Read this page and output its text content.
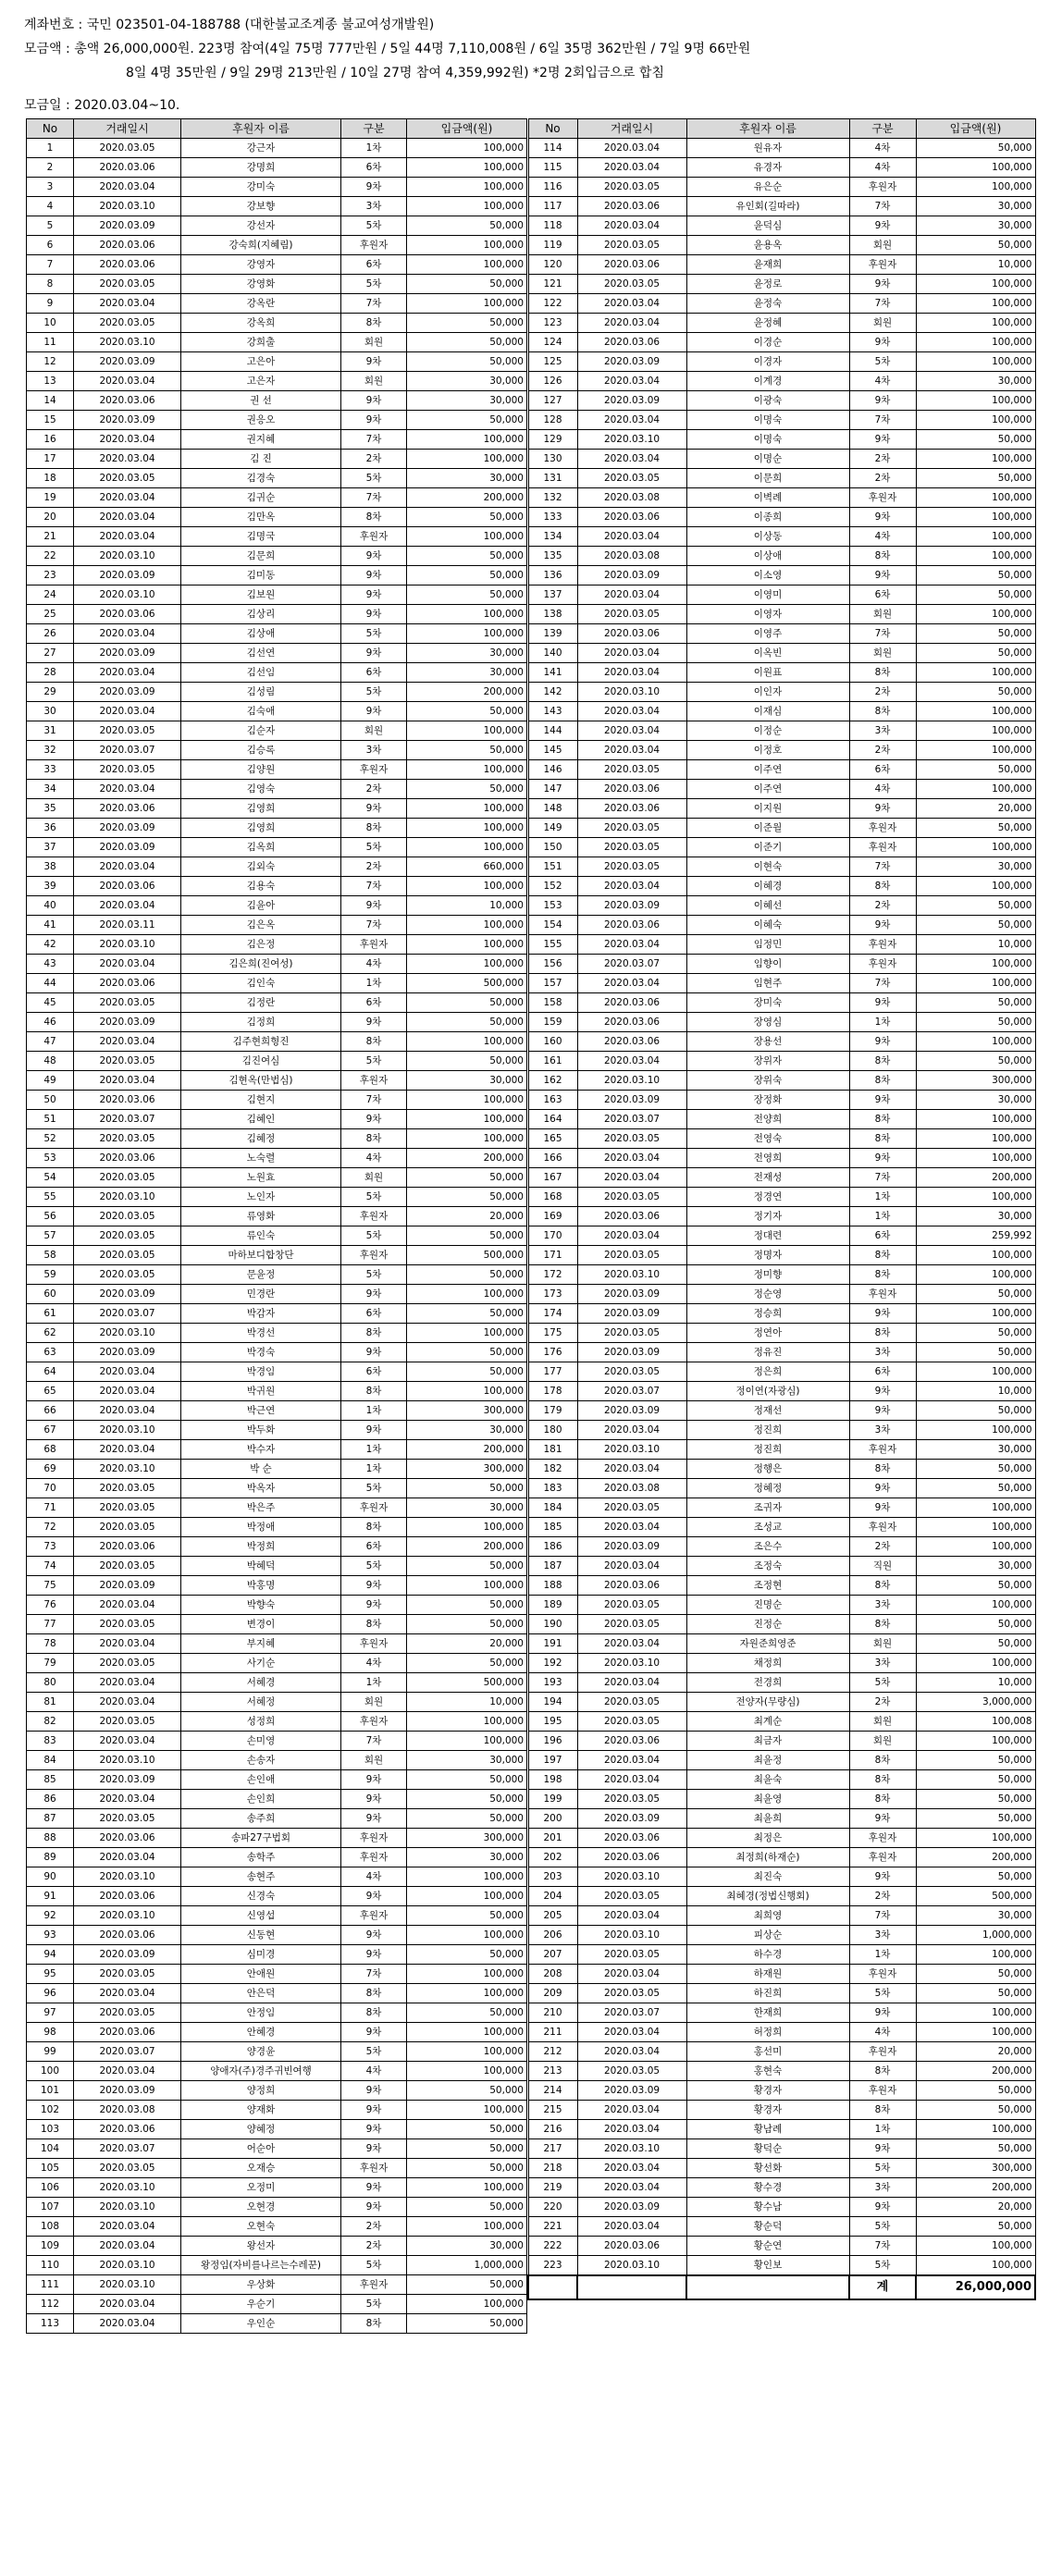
계좌번호 : 국민 023501-04-188788 (대한불교조계종 불교여성개발원)
모금액 : 총액 26,000,000원. 223명 참여(4일 75명 777만원 / 5일 44명 7,110,008원 / 6일 35명 362만원 / 7일 9명 66만원
8일 4명 35만원 / 9일 29명 213만원 / 10일 27명 참여 4,359,992원) *2명 2회입금으로 합침
모금일 : 2020.03.04~10.
No	거래일시	후원자 이름	구분	입금액(원)
1	2020.03.05	강근자	1차	100,000
2	2020.03.06	강명희	6차	100,000
3	2020.03.04	강미숙	9차	100,000
4	2020.03.10	강보향	3차	100,000
5	2020.03.09	강선자	5차	50,000
6	2020.03.06	강숙희(지혜림)	후원자	100,000
7	2020.03.06	강영자	6차	100,000
8	2020.03.05	강영화	5차	50,000
9	2020.03.04	강옥란	7차	100,000
10	2020.03.05	강옥희	8차	50,000
11	2020.03.10	강희출	회원	50,000
12	2020.03.09	고은아	9차	50,000
13	2020.03.04	고은자	회원	30,000
14	2020.03.06	권 선	9차	30,000
15	2020.03.09	권응오	9차	50,000
16	2020.03.04	권지혜	7차	100,000
17	2020.03.04	김 진	2차	100,000
18	2020.03.05	김경숙	5차	30,000
19	2020.03.04	김귀순	7차	200,000
20	2020.03.04	김만옥	8차	50,000
21	2020.03.04	김명국	후원자	100,000
22	2020.03.10	김문희	9차	50,000
23	2020.03.09	김미동	9차	50,000
24	2020.03.10	김보원	9차	50,000
25	2020.03.06	김상리	9차	100,000
26	2020.03.04	김상애	5차	100,000
27	2020.03.09	김선연	9차	30,000
28	2020.03.04	김선임	6차	30,000
29	2020.03.09	김성림	5차	200,000
30	2020.03.04	김숙애	9차	50,000
31	2020.03.05	김순자	회원	100,000
32	2020.03.07	김승록	3차	50,000
33	2020.03.05	김양원	후원자	100,000
34	2020.03.04	김영숙	2차	50,000
35	2020.03.06	김영희	9차	100,000
36	2020.03.09	김영희	8차	100,000
37	2020.03.09	김옥희	5차	100,000
38	2020.03.04	김외숙	2차	660,000
39	2020.03.06	김용숙	7차	100,000
40	2020.03.04	김윤아	9차	10,000
41	2020.03.11	김은옥	7차	100,000
42	2020.03.10	김은정	후원자	100,000
43	2020.03.04	김은희(진여성)	4차	100,000
44	2020.03.06	김인숙	1차	500,000
45	2020.03.05	김정란	6차	50,000
46	2020.03.09	김정희	9차	50,000
47	2020.03.04	김주현희형진	8차	100,000
48	2020.03.05	김진여심	5차	50,000
49	2020.03.04	김현옥(만법심)	후원자	30,000
50	2020.03.06	김현지	7차	100,000
51	2020.03.07	김혜인	9차	100,000
52	2020.03.05	김혜정	8차	100,000
53	2020.03.06	노숙렬	4차	200,000
54	2020.03.05	노원효	회원	50,000
55	2020.03.10	노인자	5차	50,000
56	2020.03.05	류영화	후원자	20,000
57	2020.03.05	류인숙	5차	50,000
58	2020.03.05	마하보디합창단	후원자	500,000
59	2020.03.05	문윤정	5차	50,000
60	2020.03.09	민경란	9차	100,000
61	2020.03.07	박감자	6차	50,000
62	2020.03.10	박경선	8차	100,000
63	2020.03.09	박경숙	9차	50,000
64	2020.03.04	박경임	6차	50,000
65	2020.03.04	박귀원	8차	100,000
66	2020.03.04	박근연	1차	300,000
67	2020.03.10	박두화	9차	30,000
68	2020.03.04	박수자	1차	200,000
69	2020.03.10	박 순	1차	300,000
70	2020.03.05	박옥자	5차	50,000
71	2020.03.05	박은주	후원자	30,000
72	2020.03.05	박정애	8차	100,000
73	2020.03.06	박정희	6차	200,000
74	2020.03.05	박혜덕	5차	50,000
75	2020.03.09	박홍명	9차	100,000
76	2020.03.04	박향숙	9차	50,000
77	2020.03.05	변경이	8차	50,000
78	2020.03.04	부지혜	후원자	20,000
79	2020.03.05	사기순	4차	50,000
80	2020.03.04	서혜경	1차	500,000
81	2020.03.04	서혜정	회원	10,000
82	2020.03.05	성정희	후원자	100,000
83	2020.03.04	손미영	7차	100,000
84	2020.03.10	손송자	회원	30,000
85	2020.03.09	손인애	9차	50,000
86	2020.03.04	손인희	9차	50,000
87	2020.03.05	송주희	9차	50,000
88	2020.03.06	송파27구법회	후원자	300,000
89	2020.03.04	송학주	후원자	30,000
90	2020.03.10	송현주	4차	100,000
91	2020.03.06	신경숙	9차	100,000
92	2020.03.10	신영섭	후원자	50,000
93	2020.03.06	신동현	9차	100,000
94	2020.03.09	심미경	9차	50,000
95	2020.03.05	안애원	7차	100,000
96	2020.03.04	안은덕	8차	100,000
97	2020.03.05	안정임	8차	50,000
98	2020.03.06	안혜경	9차	100,000
99	2020.03.07	양경윤	5차	100,000
100	2020.03.04	양애자(주)경주귀빈여행	4차	100,000
101	2020.03.09	양정희	9차	50,000
102	2020.03.08	양재화	9차	100,000
103	2020.03.06	양혜정	9차	50,000
104	2020.03.07	어순아	9차	50,000
105	2020.03.05	오재승	후원자	50,000
106	2020.03.10	오정미	9차	100,000
107	2020.03.10	오현경	9차	50,000
108	2020.03.04	오현숙	2차	100,000
109	2020.03.04	왕선자	2차	30,000
110	2020.03.10	왕정임(자비를나르는수레꾼)	5차	1,000,000
111	2020.03.10	우상화	후원자	50,000
112	2020.03.04	우순기	5차	100,000
113	2020.03.04	우인순	8차	50,000
No	거래일시	후원자 이름	구분	입금액(원)
114	2020.03.04	원유자	4차	50,000
115	2020.03.04	유경자	4차	100,000
116	2020.03.05	유은순	후원자	100,000
117	2020.03.06	유인회(길따라)	7차	30,000
118	2020.03.04	윤덕심	9차	30,000
119	2020.03.05	윤용옥	회원	50,000
120	2020.03.06	윤재희	후원자	10,000
121	2020.03.05	윤정로	9차	100,000
122	2020.03.04	윤정숙	7차	100,000
123	2020.03.04	윤정혜	회원	100,000
124	2020.03.06	이경순	9차	100,000
125	2020.03.09	이경자	5차	100,000
126	2020.03.04	이계경	4차	30,000
127	2020.03.09	이광숙	9차	100,000
128	2020.03.04	이명숙	7차	100,000
129	2020.03.10	이명숙	9차	50,000
130	2020.03.04	이명순	2차	100,000
131	2020.03.05	이문희	2차	50,000
132	2020.03.08	이벽례	후원자	100,000
133	2020.03.06	이종희	9차	100,000
134	2020.03.04	이상동	4차	100,000
135	2020.03.08	이상애	8차	100,000
136	2020.03.09	이소영	9차	50,000
137	2020.03.04	이영미	6차	50,000
138	2020.03.05	이영자	회원	100,000
139	2020.03.06	이영주	7차	50,000
140	2020.03.04	이옥빈	회원	50,000
141	2020.03.04	이원표	8차	100,000
142	2020.03.10	이인자	2차	50,000
143	2020.03.04	이재심	8차	100,000
144	2020.03.04	이정순	3차	100,000
145	2020.03.04	이정호	2차	100,000
146	2020.03.05	이주연	6차	50,000
147	2020.03.06	이주연	4차	100,000
148	2020.03.06	이지원	9차	20,000
149	2020.03.05	이준월	후원자	50,000
150	2020.03.05	이준기	후원자	100,000
151	2020.03.05	이현숙	7차	30,000
152	2020.03.04	이혜경	8차	100,000
153	2020.03.09	이혜선	2차	50,000
154	2020.03.06	이혜숙	9차	50,000
155	2020.03.04	임정민	후원자	10,000
156	2020.03.07	임향이	후원자	100,000
157	2020.03.04	임현주	7차	100,000
158	2020.03.06	장미숙	9차	50,000
159	2020.03.06	장영심	1차	50,000
160	2020.03.06	장용선	9차	100,000
161	2020.03.04	장위자	8차	50,000
162	2020.03.10	장위숙	8차	300,000
163	2020.03.09	장정화	9차	30,000
164	2020.03.07	전양희	8차	100,000
165	2020.03.05	전영숙	8차	100,000
166	2020.03.04	전영희	9차	100,000
167	2020.03.04	전재성	7차	200,000
168	2020.03.05	정경연	1차	100,000
169	2020.03.06	정기자	1차	30,000
170	2020.03.04	정대련	6차	259,992
171	2020.03.05	정명자	8차	100,000
172	2020.03.10	정미향	8차	100,000
173	2020.03.09	정순영	후원자	50,000
174	2020.03.09	정승희	9차	100,000
175	2020.03.05	정연아	8차	50,000
176	2020.03.09	정유진	3차	50,000
177	2020.03.05	정은희	6차	100,000
178	2020.03.07	정이연(자광심)	9차	10,000
179	2020.03.09	정재선	9차	50,000
180	2020.03.04	정진희	3차	100,000
181	2020.03.10	정진희	후원자	30,000
182	2020.03.04	정행은	8차	50,000
183	2020.03.08	정혜정	9차	50,000
184	2020.03.05	조귀자	9차	100,000
185	2020.03.04	조성교	후원자	100,000
186	2020.03.09	조은수	2차	100,000
187	2020.03.04	조정숙	직원	30,000
188	2020.03.06	조정현	8차	50,000
189	2020.03.05	진명순	3차	100,000
190	2020.03.05	진정순	8차	50,000
191	2020.03.04	자원준희영준	회원	50,000
192	2020.03.10	채정희	3차	100,000
193	2020.03.04	전경희	5차	10,000
194	2020.03.05	전양자(무량심)	2차	3,000,000
195	2020.03.05	최계순	회원	100,008
196	2020.03.06	최금자	회원	100,000
197	2020.03.04	최윤정	8차	50,000
198	2020.03.04	최윤숙	8차	50,000
199	2020.03.05	최윤영	8차	50,000
200	2020.03.09	최윤희	9차	50,000
201	2020.03.06	최정은	후원자	100,000
202	2020.03.06	최정희(하재순)	후원자	200,000
203	2020.03.10	최진숙	9차	50,000
204	2020.03.05	최혜경(정법신행회)	2차	500,000
205	2020.03.04	최희영	7차	30,000
206	2020.03.10	피상순	3차	1,000,000
207	2020.03.05	하수경	1차	100,000
208	2020.03.04	하재원	후원자	50,000
209	2020.03.05	하진희	5차	50,000
210	2020.03.07	한재희	9차	100,000
211	2020.03.04	허정희	4차	100,000
212	2020.03.04	홍선미	후원자	20,000
213	2020.03.05	홍현숙	8차	200,000
214	2020.03.09	황경자	후원자	50,000
215	2020.03.04	황경자	8차	50,000
216	2020.03.04	황남례	1차	100,000
217	2020.03.10	황덕순	9차	50,000
218	2020.03.04	황선화	5차	300,000
219	2020.03.04	황수경	3차	200,000
220	2020.03.09	황수남	9차	20,000
221	2020.03.04	황순덕	5차	50,000
222	2020.03.06	황순연	7차	100,000
223	2020.03.10	황인보	5차	100,000
			계	26,000,000
